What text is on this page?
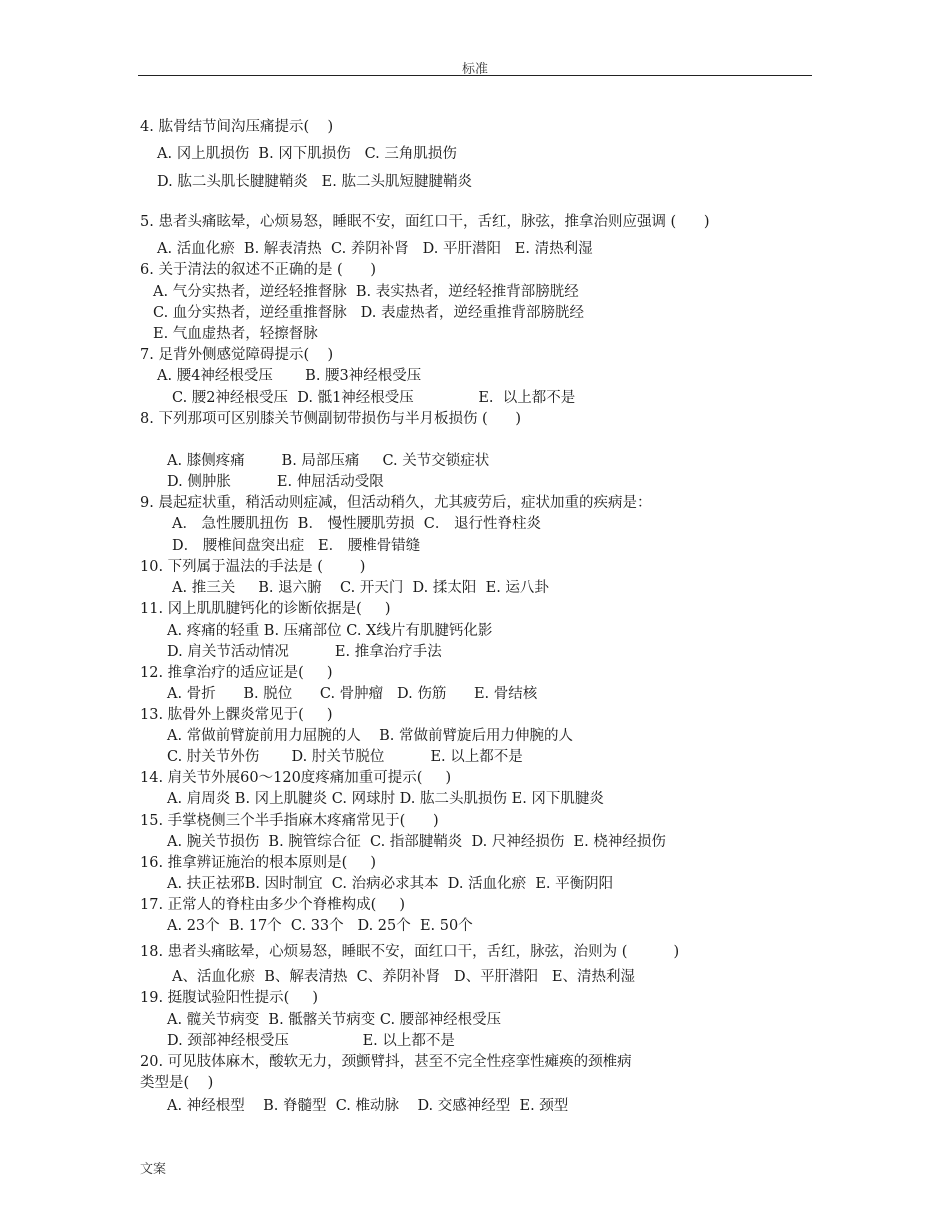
标准
4. 肱骨结节间沟压痛提示(    )
A. 冈上肌损伤  B. 冈下肌损伤   C. 三角肌损伤
D. 肱二头肌长腱腱鞘炎   E. 肱二头肌短腱腱鞘炎
5. 患者头痛眩晕，心烦易怒，睡眠不安，面红口干，舌红，脉弦，推拿治则应强调 (      )
A. 活血化瘀  B. 解表清热  C. 养阴补肾   D. 平肝潜阳   E. 清热利湿
6. 关于清法的叙述不正确的是 (      )
A. 气分实热者，逆经轻推督脉  B. 表实热者，逆经轻推背部膀胱经
C. 血分实热者，逆经重推督脉   D. 表虚热者，逆经重推背部膀胱经
E. 气血虚热者，轻擦督脉
7. 足背外侧感觉障碍提示(    )
A. 腰4神经根受压       B. 腰3神经根受压
C. 腰2神经根受压  D. 骶1神经根受压              E.  以上都不是
8. 下列那项可区别膝关节侧副韧带损伤与半月板损伤 (      )
A. 膝侧疼痛        B. 局部压痛     C. 关节交锁症状
D. 侧肿胀          E. 伸屈活动受限
9. 晨起症状重，稍活动则症减，但活动稍久，尤其疲劳后，症状加重的疾病是：
A． 急性腰肌扭伤  B． 慢性腰肌劳损  C． 退行性脊柱炎
D． 腰椎间盘突出症   E． 腰椎骨错缝
10. 下列属于温法的手法是 (        )
A. 推三关     B. 退六腑    C. 开天门  D. 揉太阳  E. 运八卦
11. 冈上肌肌腱钙化的诊断依据是(     )
A. 疼痛的轻重 B. 压痛部位 C. X线片有肌腱钙化影
D. 肩关节活动情况          E. 推拿治疗手法
12. 推拿治疗的适应证是(     )
A. 骨折      B. 脱位      C. 骨肿瘤   D. 伤筋      E. 骨结核
13. 肱骨外上髁炎常见于(     )
A. 常做前臂旋前用力屈腕的人    B. 常做前臂旋后用力伸腕的人
C. 肘关节外伤       D. 肘关节脱位          E. 以上都不是
14. 肩关节外展60～120度疼痛加重可提示(     )
A. 肩周炎 B. 冈上肌腱炎 C. 网球肘 D. 肱二头肌损伤 E. 冈下肌腱炎
15. 手掌桡侧三个半手指麻木疼痛常见于(      )
A. 腕关节损伤  B. 腕管综合征  C. 指部腱鞘炎  D. 尺神经损伤  E. 桡神经损伤
16. 推拿辨证施治的根本原则是(     )
A. 扶正祛邪B. 因时制宜  C. 治病必求其本  D. 活血化瘀  E. 平衡阴阳
17. 正常人的脊柱由多少个脊椎构成(     )
A. 23个  B. 17个  C. 33个   D. 25个  E. 50个
18. 患者头痛眩晕，心烦易怒，睡眠不安，面红口干，舌红，脉弦，治则为 (          )
A、活血化瘀  B、解表清热  C、养阴补肾   D、平肝潜阳   E、清热利湿
19. 挺腹试验阳性提示(     )
A. 髋关节病变  B. 骶髂关节病变 C. 腰部神经根受压
D. 颈部神经根受压                E. 以上都不是
20. 可见肢体麻木，酸软无力，颈颤臂抖，甚至不完全性痉挛性瘫痪的颈椎病
类型是(    )
A. 神经根型    B. 脊髓型  C. 椎动脉    D. 交感神经型  E. 颈型
文案
